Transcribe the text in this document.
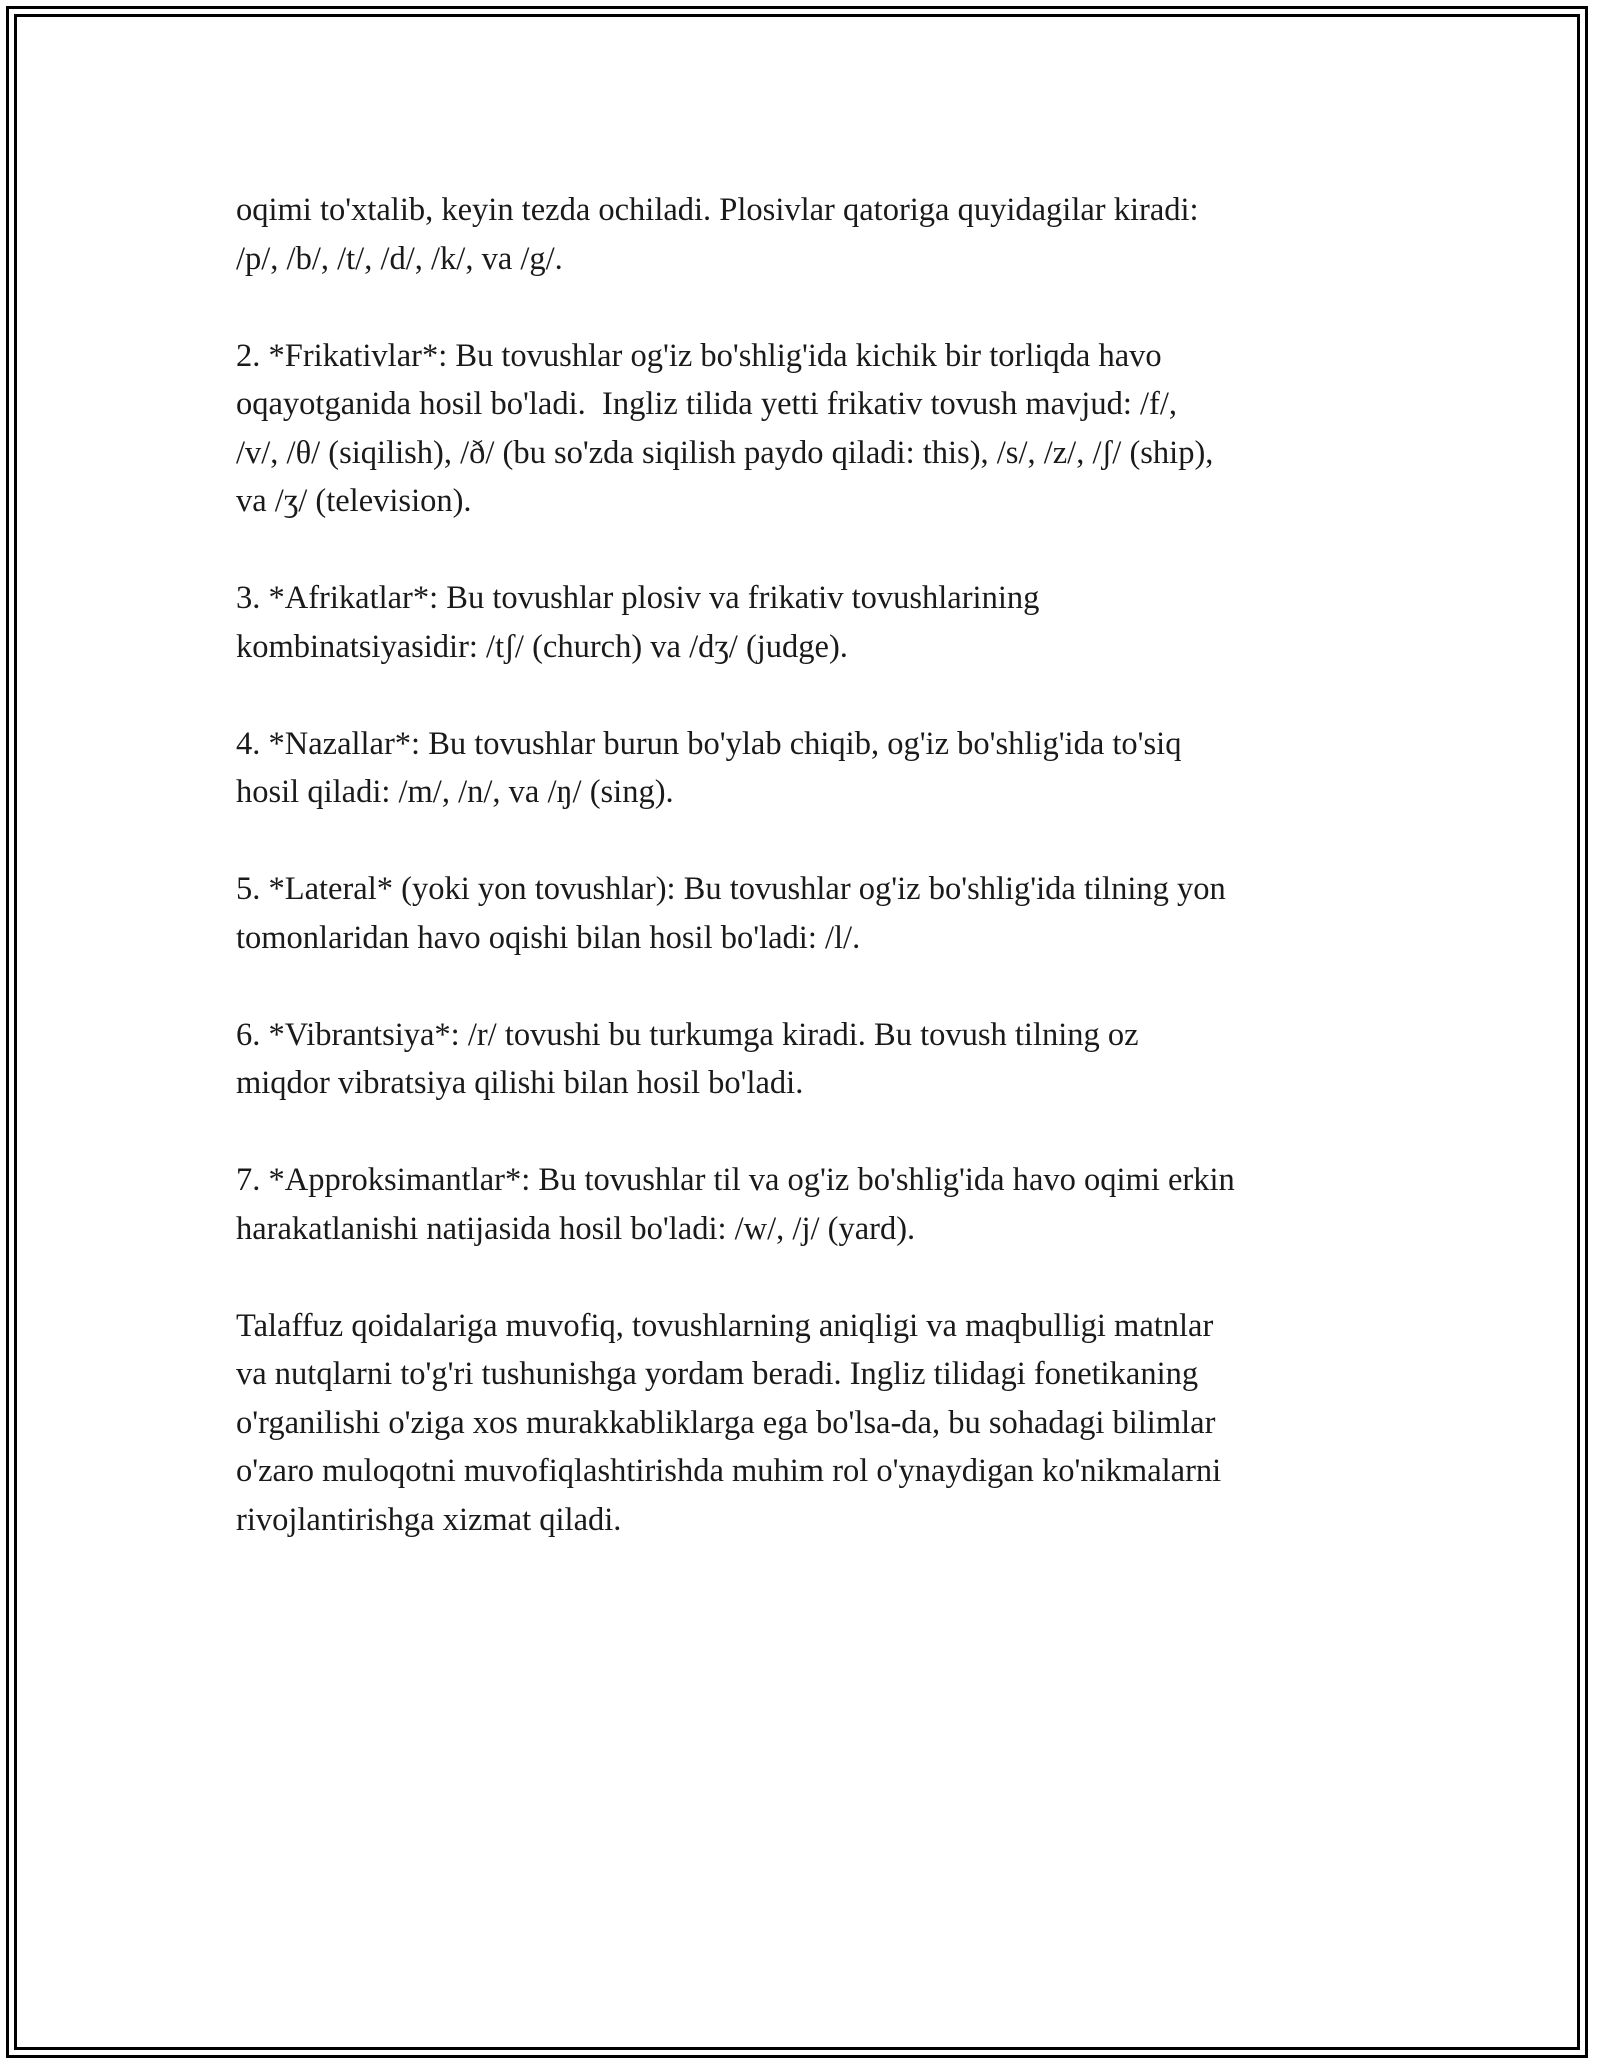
oqimi to'xtalib, keyin tezda ochiladi. Plosivlar qatoriga quyidagilar kiradi:
/p/, /b/, /t/, /d/, /k/, va /g/.

2. *Frikativlar*: Bu tovushlar og'iz bo'shlig'ida kichik bir torliqda havo
oqayotganida hosil bo'ladi.  Ingliz tilida yetti frikativ tovush mavjud: /f/,
/v/, /θ/ (siqilish), /ð/ (bu so'zda siqilish paydo qiladi: this), /s/, /z/, /ʃ/ (ship),
va /ʒ/ (television).

3. *Afrikatlar*: Bu tovushlar plosiv va frikativ tovushlarining
kombinatsiyasidir: /tʃ/ (church) va /dʒ/ (judge).

4. *Nazallar*: Bu tovushlar burun bo'ylab chiqib, og'iz bo'shlig'ida to'siq
hosil qiladi: /m/, /n/, va /ŋ/ (sing).

5. *Lateral* (yoki yon tovushlar): Bu tovushlar og'iz bo'shlig'ida tilning yon
tomonlaridan havo oqishi bilan hosil bo'ladi: /l/.

6. *Vibrantsiya*: /r/ tovushi bu turkumga kiradi. Bu tovush tilning oz
miqdor vibratsiya qilishi bilan hosil bo'ladi.

7. *Approksimantlar*: Bu tovushlar til va og'iz bo'shlig'ida havo oqimi erkin
harakatlanishi natijasida hosil bo'ladi: /w/, /j/ (yard).

Talaffuz qoidalariga muvofiq, tovushlarning aniqligi va maqbulligi matnlar
va nutqlarni to'g'ri tushunishga yordam beradi. Ingliz tilidagi fonetikaning
o'rganilishi o'ziga xos murakkabliklarga ega bo'lsa-da, bu sohadagi bilimlar
o'zaro muloqotni muvofiqlashtirishda muhim rol o'ynaydigan ko'nikmalarni
rivojlantirishga xizmat qiladi.
